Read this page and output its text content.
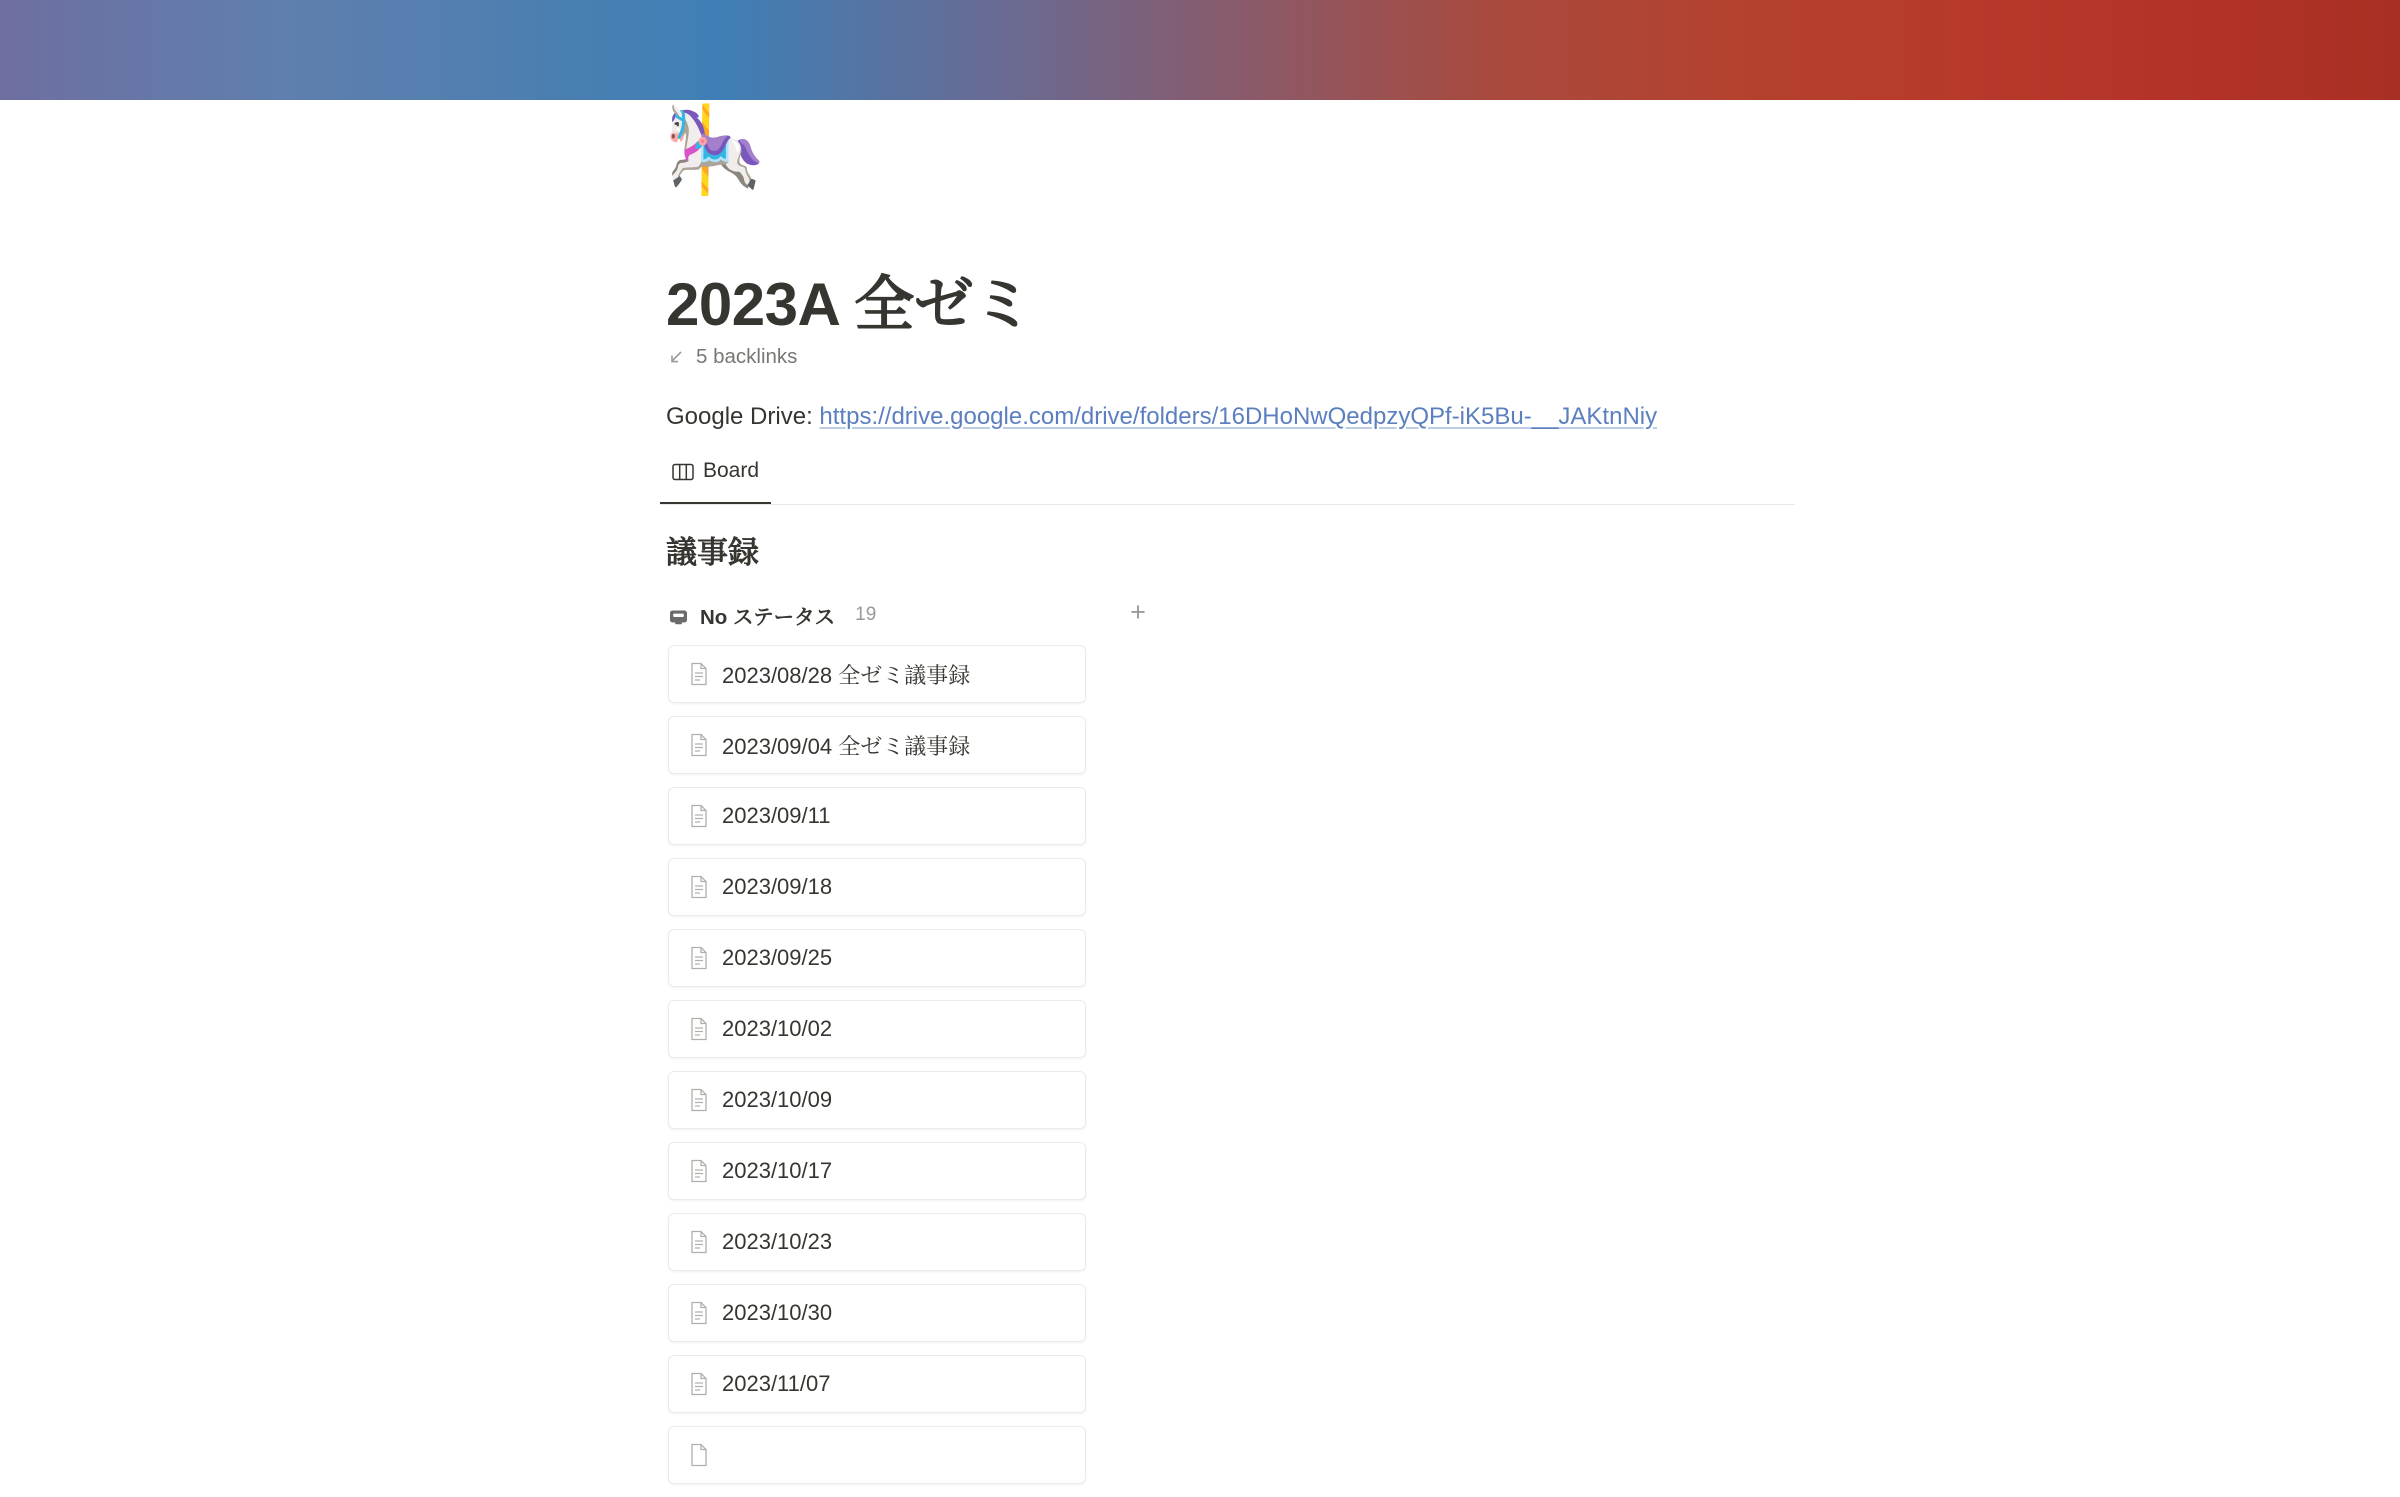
🎠
2023A 全ゼミ
5 backlinks
Google Drive: https://drive.google.com/drive/folders/16DHoNwQedpzyQPf-iK5Bu-__JAKtnNiy
Board
議事録
No ステータス 19	+
2023/08/28 全ゼミ議事録
2023/09/04 全ゼミ議事録
2023/09/11
2023/09/18
2023/09/25
2023/10/02
2023/10/09
2023/10/17
2023/10/23
2023/10/30
2023/11/07
